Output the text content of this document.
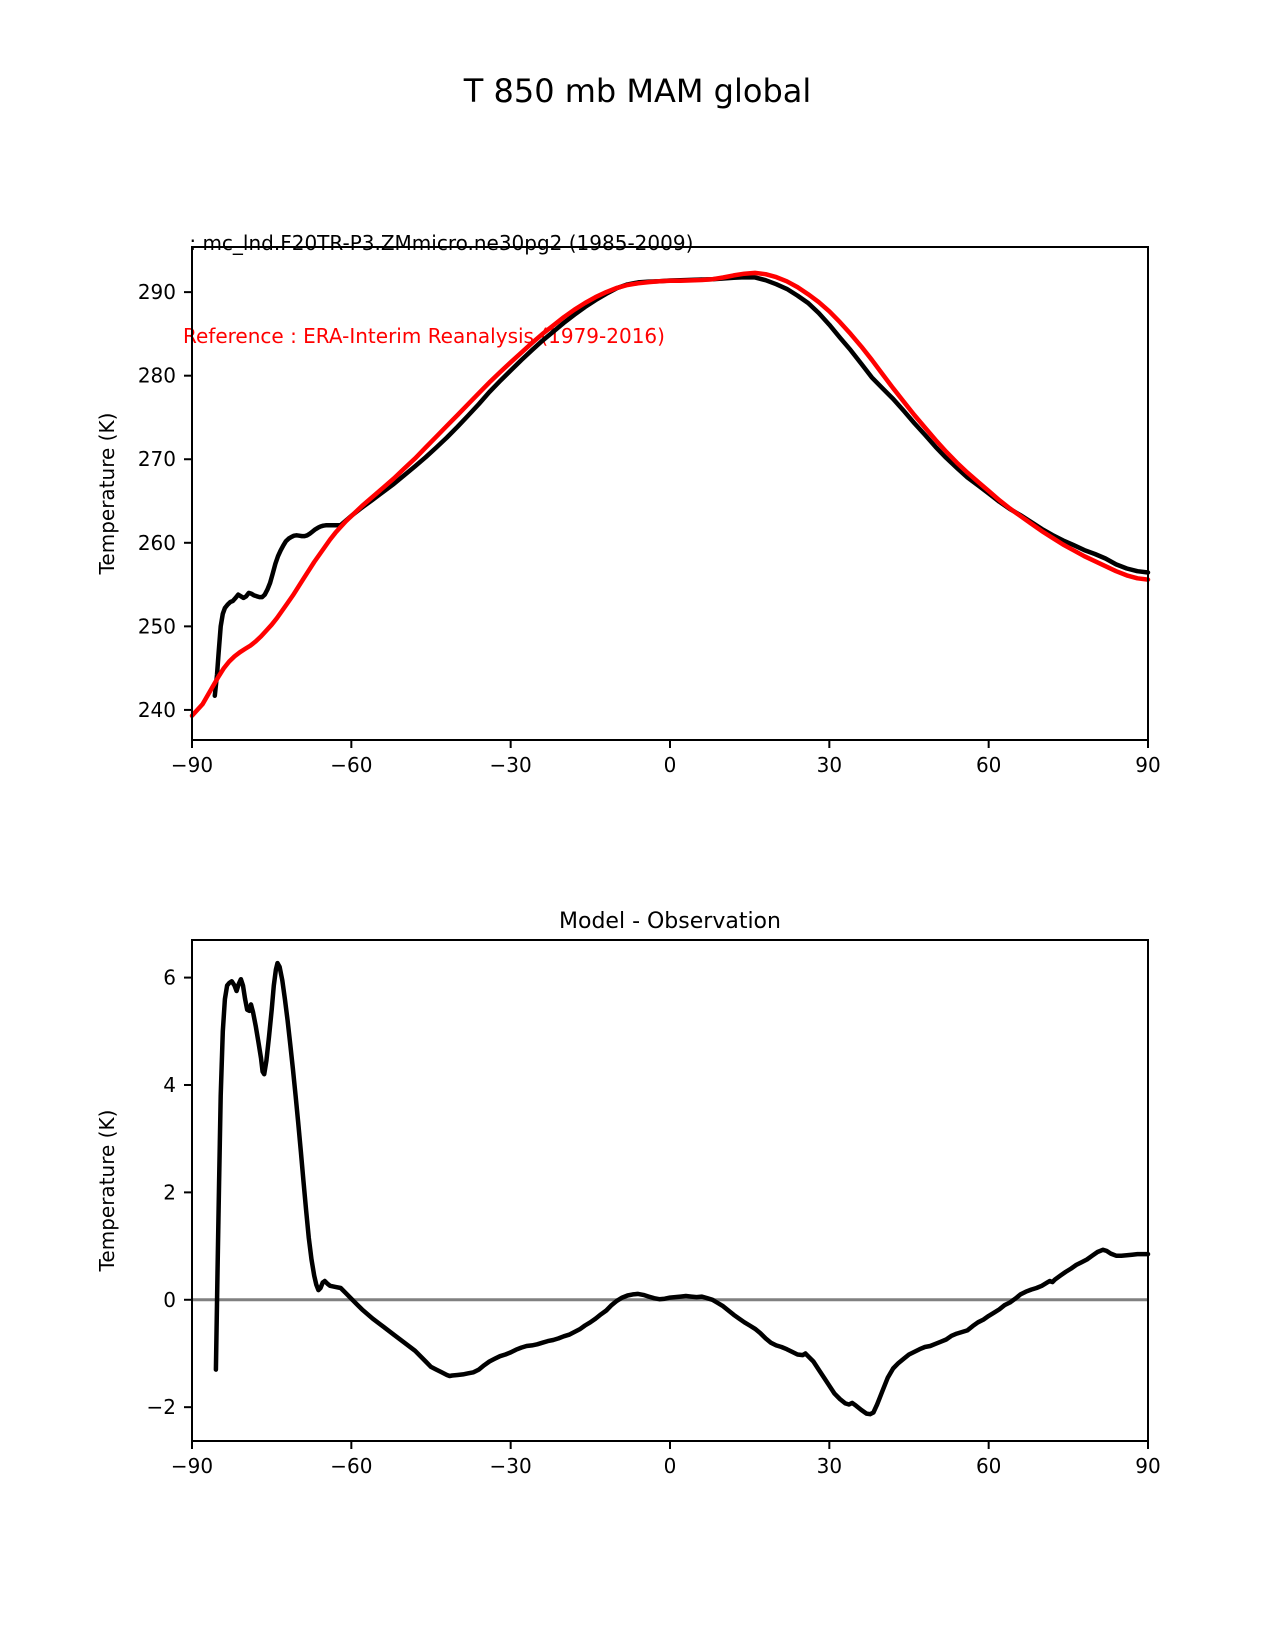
T 850 mb MAM global

: mc_lnd.F20TR-P3.ZMmicro.ne30pg2 (1985-2009)

Reference : ERA-Interim Reanalysis (1979-2016)

−90	−60	−30	0	30	60	90
240
250
260
270
280
290
Temperature (K)
−90	−60	−30	0	30	60	90
−2
0
2
4
6
Temperature (K)
Model - Observation
